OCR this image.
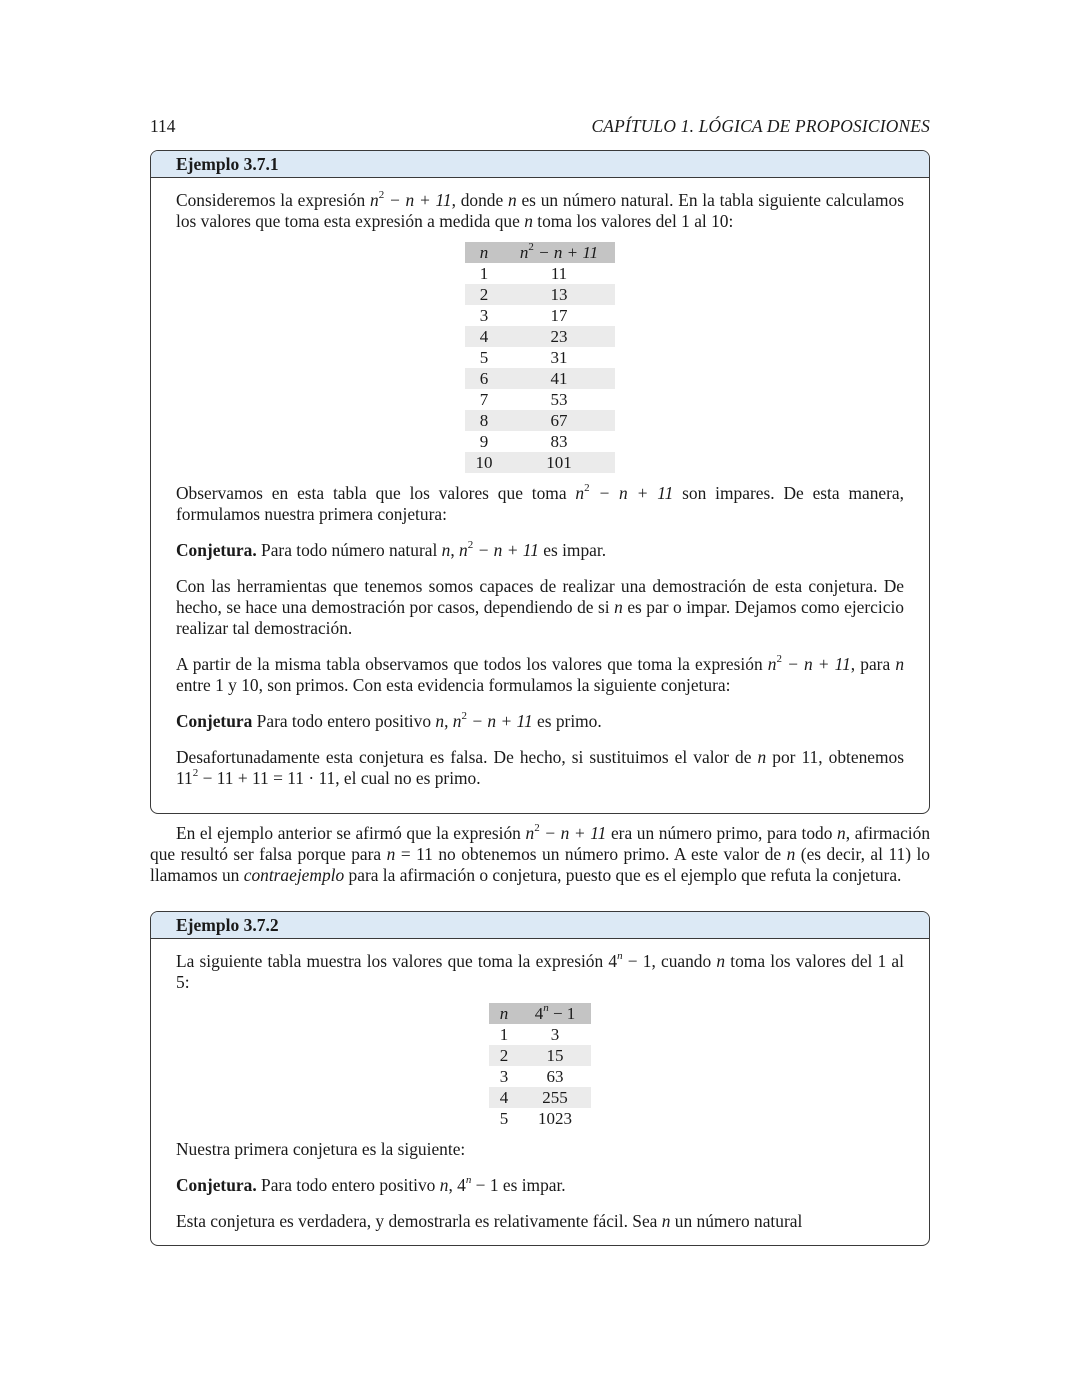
114	CAPÍTULO 1. LÓGICA DE PROPOSICIONES
Ejemplo 3.7.1

Consideremos la expresión $n^2 - n + 11$, donde n es un número natural. En la tabla siguiente calculamos los valores que toma esta expresión a medida que n toma los valores del 1 al 10:

n	$n^2 - n + 11$
1	11
2	13
3	17
4	23
5	31
6	41
7	53
8	67
9	83
10	101

Observamos en esta tabla que los valores que toma $n^2 - n + 11$ son impares. De esta manera, formulamos nuestra primera conjetura:

Conjetura. Para todo número natural n, $n^2 - n + 11$ es impar.

Con las herramientas que tenemos somos capaces de realizar una demostración de esta conjetura. De hecho, se hace una demostración por casos, dependiendo de si n es par o impar. Dejamos como ejercicio realizar tal demostración.

A partir de la misma tabla observamos que todos los valores que toma la expresión $n^2 - n + 11$, para n entre 1 y 10, son primos. Con esta evidencia formulamos la siguiente conjetura:

Conjetura Para todo entero positivo n, $n^2 - n + 11$ es primo.

Desafortunadamente esta conjetura es falsa. De hecho, si sustituimos el valor de n por 11, obtenemos $11^2 - 11 + 11 = 11 \cdot 11$, el cual no es primo.

En el ejemplo anterior se afirmó que la expresión $n^2 - n + 11$ era un número primo, para todo n, afirmación que resultó ser falsa porque para n = 11 no obtenemos un número primo. A este valor de n (es decir, al 11) lo llamamos un contraejemplo para la afirmación o conjetura, puesto que es el ejemplo que refuta la conjetura.

Ejemplo 3.7.2

La siguiente tabla muestra los valores que toma la expresión $4^n - 1$, cuando n toma los valores del 1 al 5:

n	$4^n - 1$
1	3
2	15
3	63
4	255
5	1023

Nuestra primera conjetura es la siguiente:

Conjetura. Para todo entero positivo n, $4^n - 1$ es impar.

Esta conjetura es verdadera, y demostrarla es relativamente fácil. Sea n un número natural
